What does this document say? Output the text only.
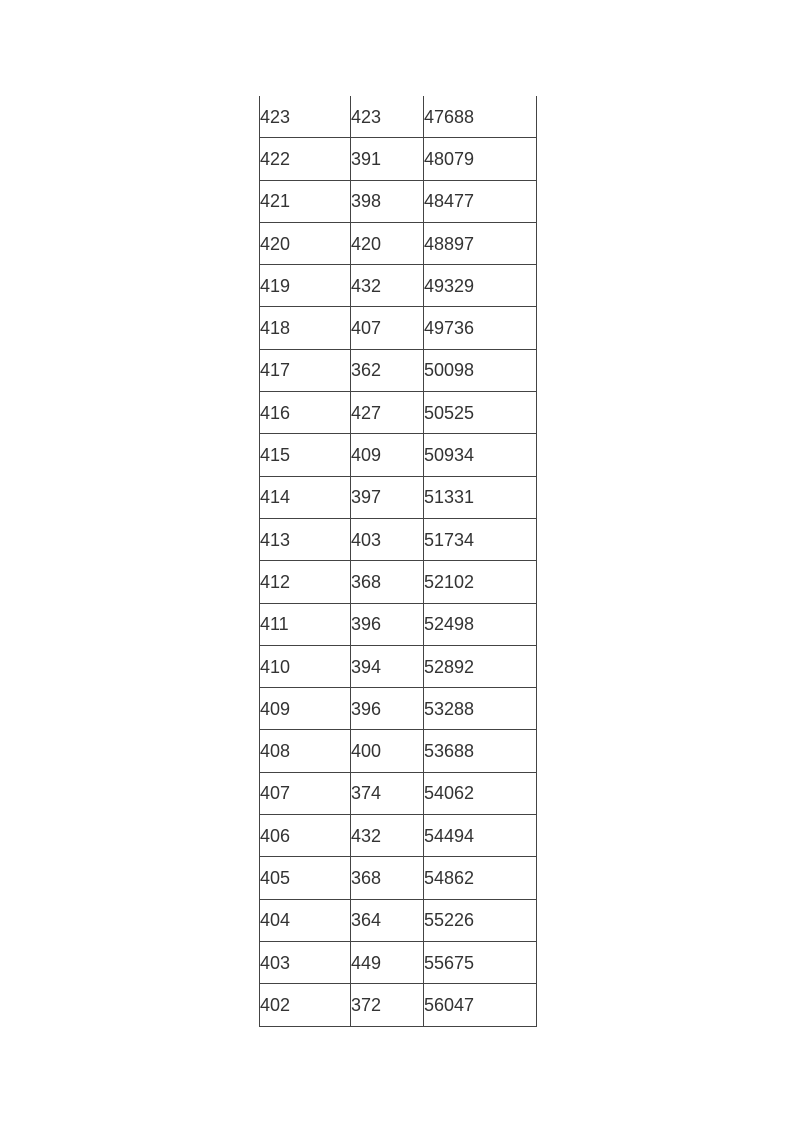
423	423	47688
422	391	48079
421	398	48477
420	420	48897
419	432	49329
418	407	49736
417	362	50098
416	427	50525
415	409	50934
414	397	51331
413	403	51734
412	368	52102
411	396	52498
410	394	52892
409	396	53288
408	400	53688
407	374	54062
406	432	54494
405	368	54862
404	364	55226
403	449	55675
402	372	56047
